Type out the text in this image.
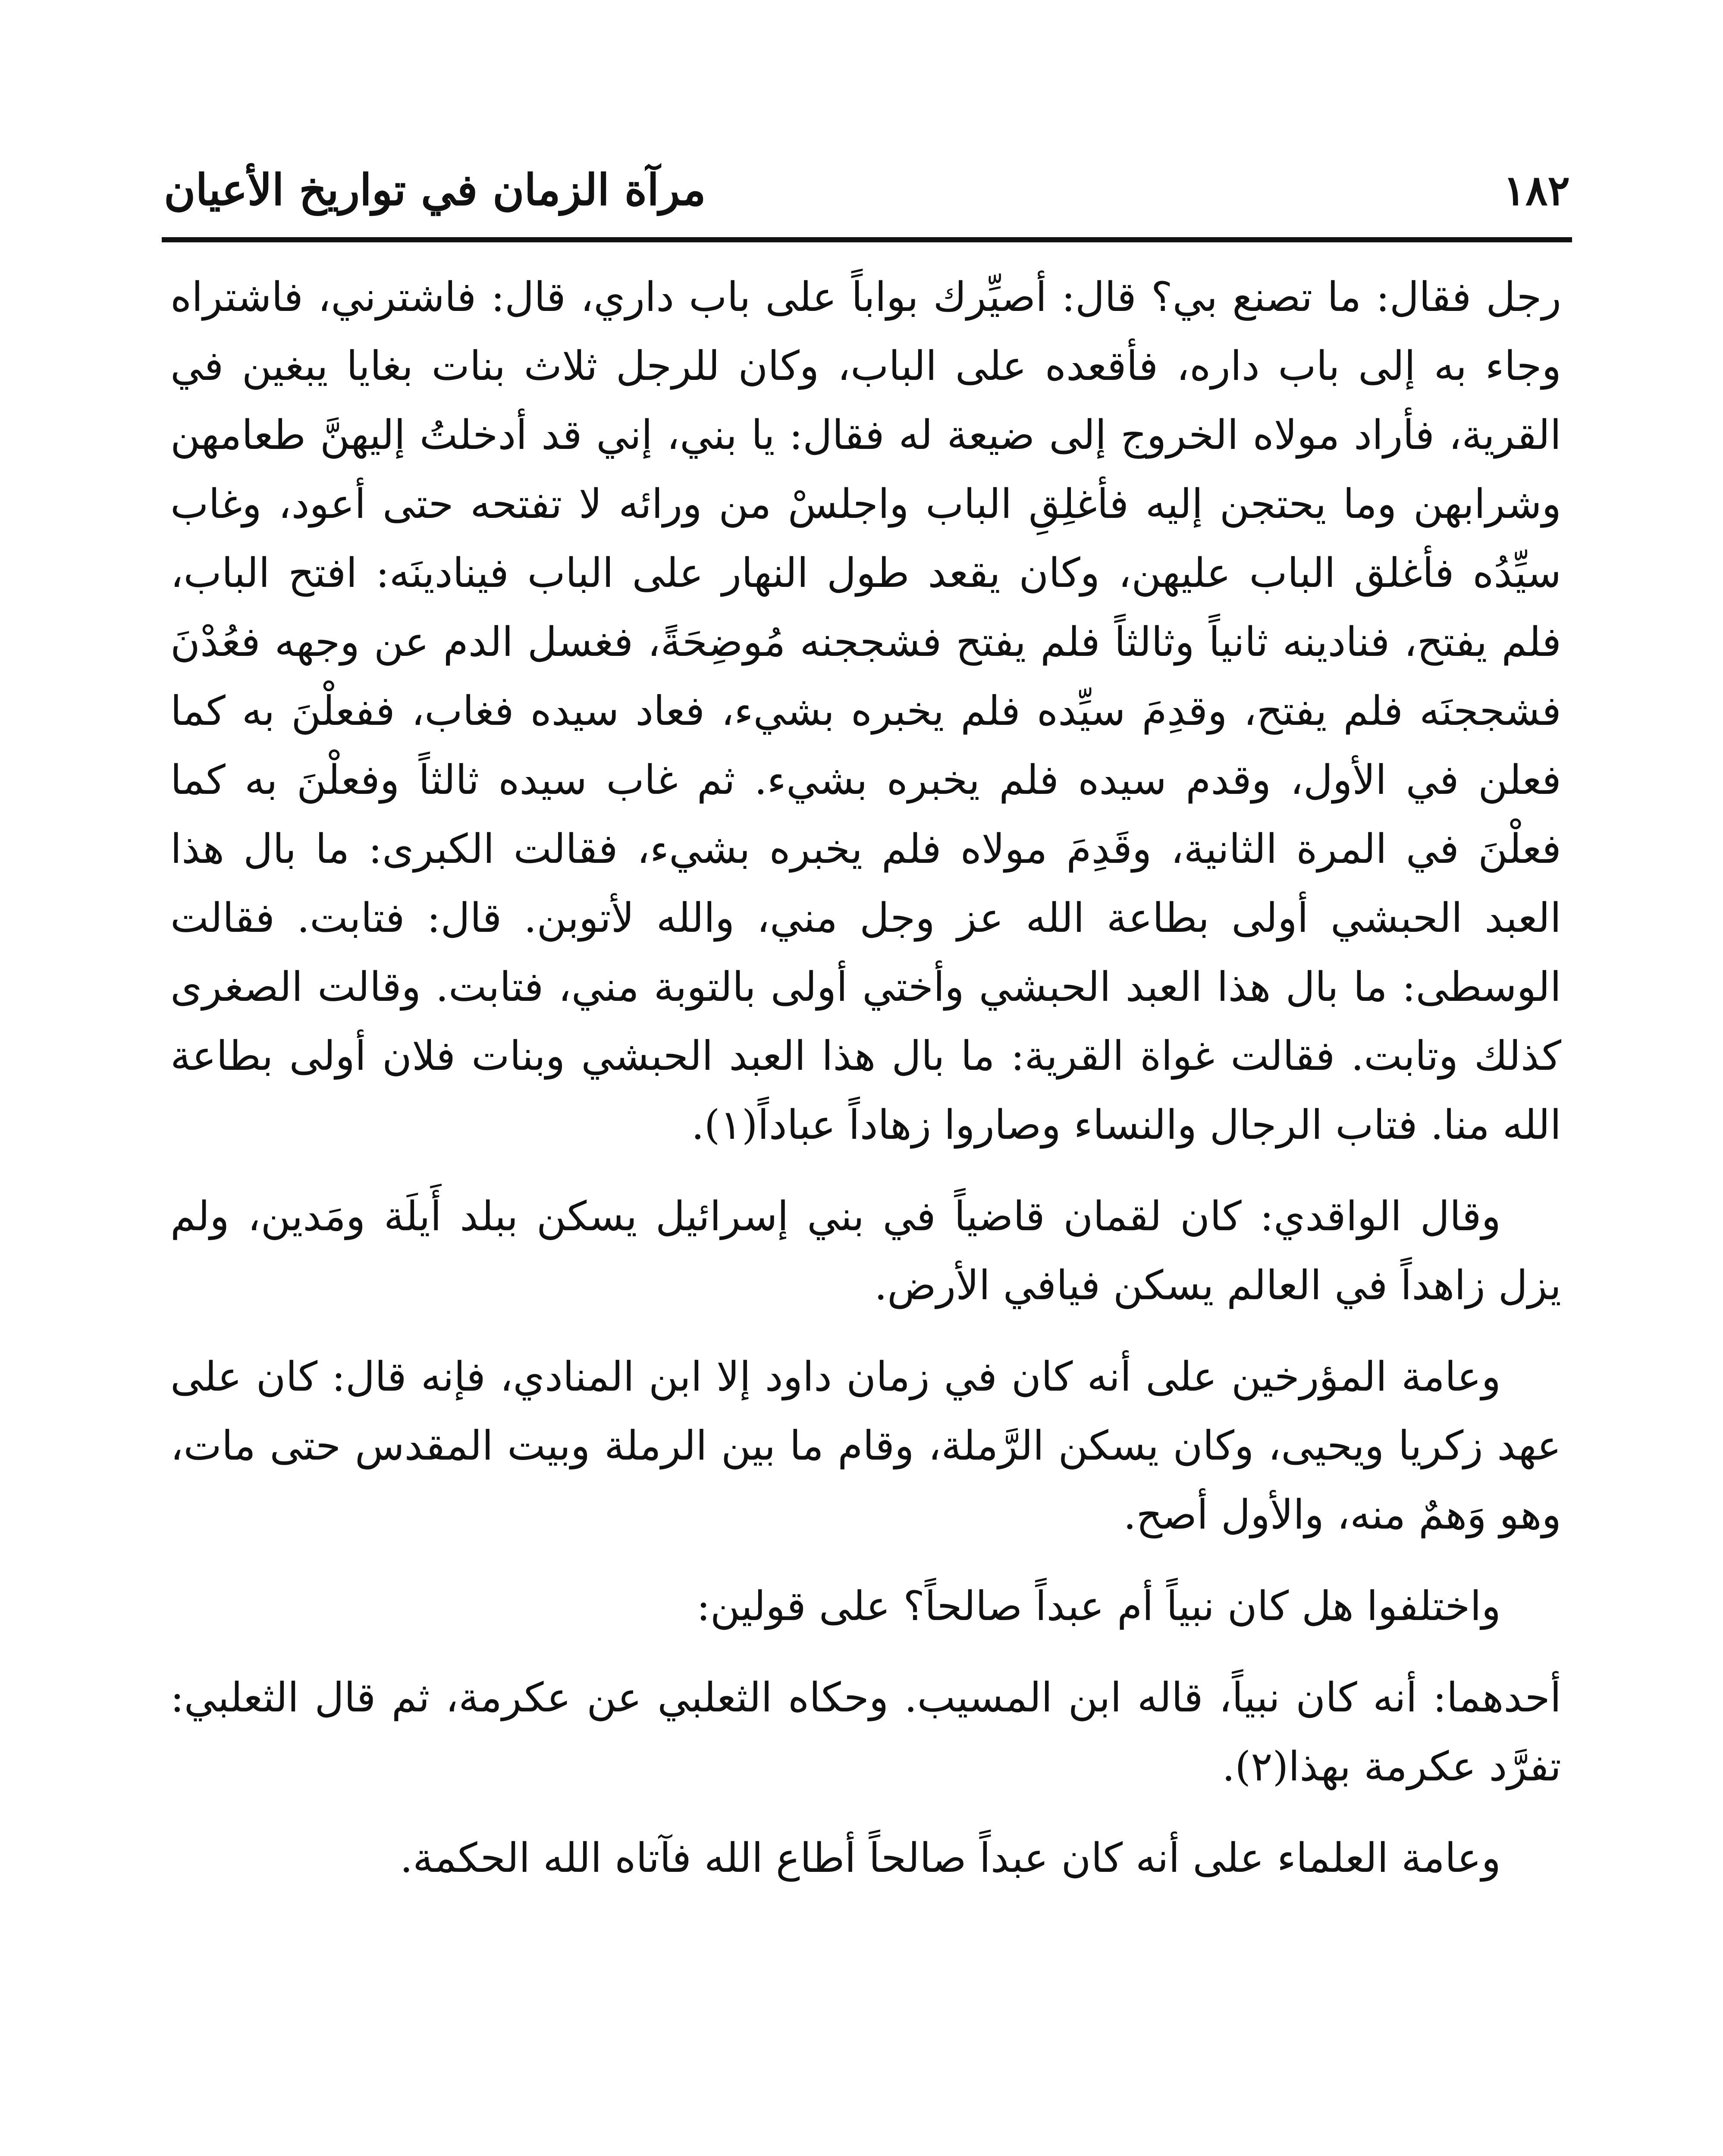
١٨٢
مرآة الزمان في تواريخ الأعيان

رجل فقال: ما تصنع بي؟ قال: أصيِّرك بواباً على باب داري، قال: فاشترني، فاشتراه وجاء به إلى باب داره، فأقعده على الباب، وكان للرجل ثلاث بنات بغايا يبغين في القرية، فأراد مولاه الخروج إلى ضيعة له فقال: يا بني، إني قد أدخلتُ إليهنَّ طعامهن وشرابهن وما يحتجن إليه فأغلِقِ الباب واجلسْ من ورائه لا تفتحه حتى أعود، وغاب سيِّدُه فأغلق الباب عليهن، وكان يقعد طول النهار على الباب فينادينَه: افتح الباب، فلم يفتح، فنادينه ثانياً وثالثاً فلم يفتح فشججنه مُوضِحَةً، فغسل الدم عن وجهه فعُدْنَ فشججنَه فلم يفتح، وقدِمَ سيِّده فلم يخبره بشيء، فعاد سيده فغاب، ففعلْنَ به كما فعلن في الأول، وقدم سيده فلم يخبره بشيء. ثم غاب سيده ثالثاً وفعلْنَ به كما فعلْنَ في المرة الثانية، وقَدِمَ مولاه فلم يخبره بشيء، فقالت الكبرى: ما بال هذا العبد الحبشي أولى بطاعة الله عز وجل مني، والله لأتوبن. قال: فتابت. فقالت الوسطى: ما بال هذا العبد الحبشي وأختي أولى بالتوبة مني، فتابت. وقالت الصغرى كذلك وتابت. فقالت غواة القرية: ما بال هذا العبد الحبشي وبنات فلان أولى بطاعة الله منا. فتاب الرجال والنساء وصاروا زهاداً عباداً(١).

وقال الواقدي: كان لقمان قاضياً في بني إسرائيل يسكن ببلد أَيلَة ومَدين، ولم يزل زاهداً في العالم يسكن فيافي الأرض.

وعامة المؤرخين على أنه كان في زمان داود إلا ابن المنادي، فإنه قال: كان على عهد زكريا ويحيى، وكان يسكن الرَّملة، وقام ما بين الرملة وبيت المقدس حتى مات، وهو وَهمٌ منه، والأول أصح.

واختلفوا هل كان نبياً أم عبداً صالحاً؟ على قولين:

أحدهما: أنه كان نبياً، قاله ابن المسيب. وحكاه الثعلبي عن عكرمة، ثم قال الثعلبي: تفرَّد عكرمة بهذا(٢).

وعامة العلماء على أنه كان عبداً صالحاً أطاع الله فآتاه الله الحكمة.
